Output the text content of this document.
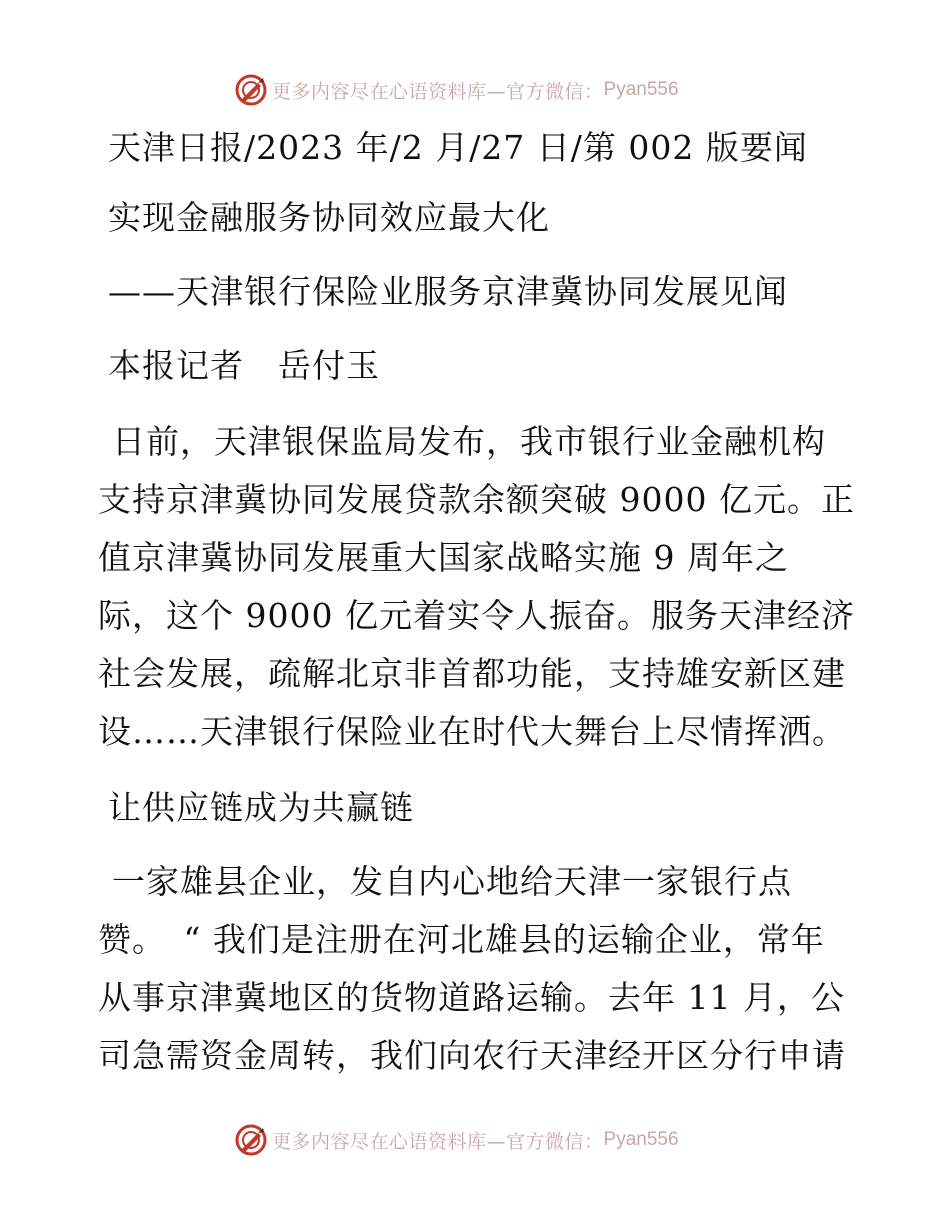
更多内容尽在心语资料库—官方微信： Pyan556
天津日报/2023 年/2 月/27 日/第 002 版要闻
实现金融服务协同效应最大化
——天津银行保险业服务京津冀协同发展见闻
本报记者　岳付玉
日前，天津银保监局发布，我市银行业金融机构
支持京津冀协同发展贷款余额突破 9000 亿元。正
值京津冀协同发展重大国家战略实施 9 周年之
际，这个 9000 亿元着实令人振奋。服务天津经济
社会发展，疏解北京非首都功能，支持雄安新区建
设……天津银行保险业在时代大舞台上尽情挥洒。
让供应链成为共赢链
一家雄县企业，发自内心地给天津一家银行点
赞。　“ 我们是注册在河北雄县的运输企业，常年
从事京津冀地区的货物道路运输。去年 11 月，公
司急需资金周转，我们向农行天津经开区分行申请
更多内容尽在心语资料库—官方微信： Pyan556
